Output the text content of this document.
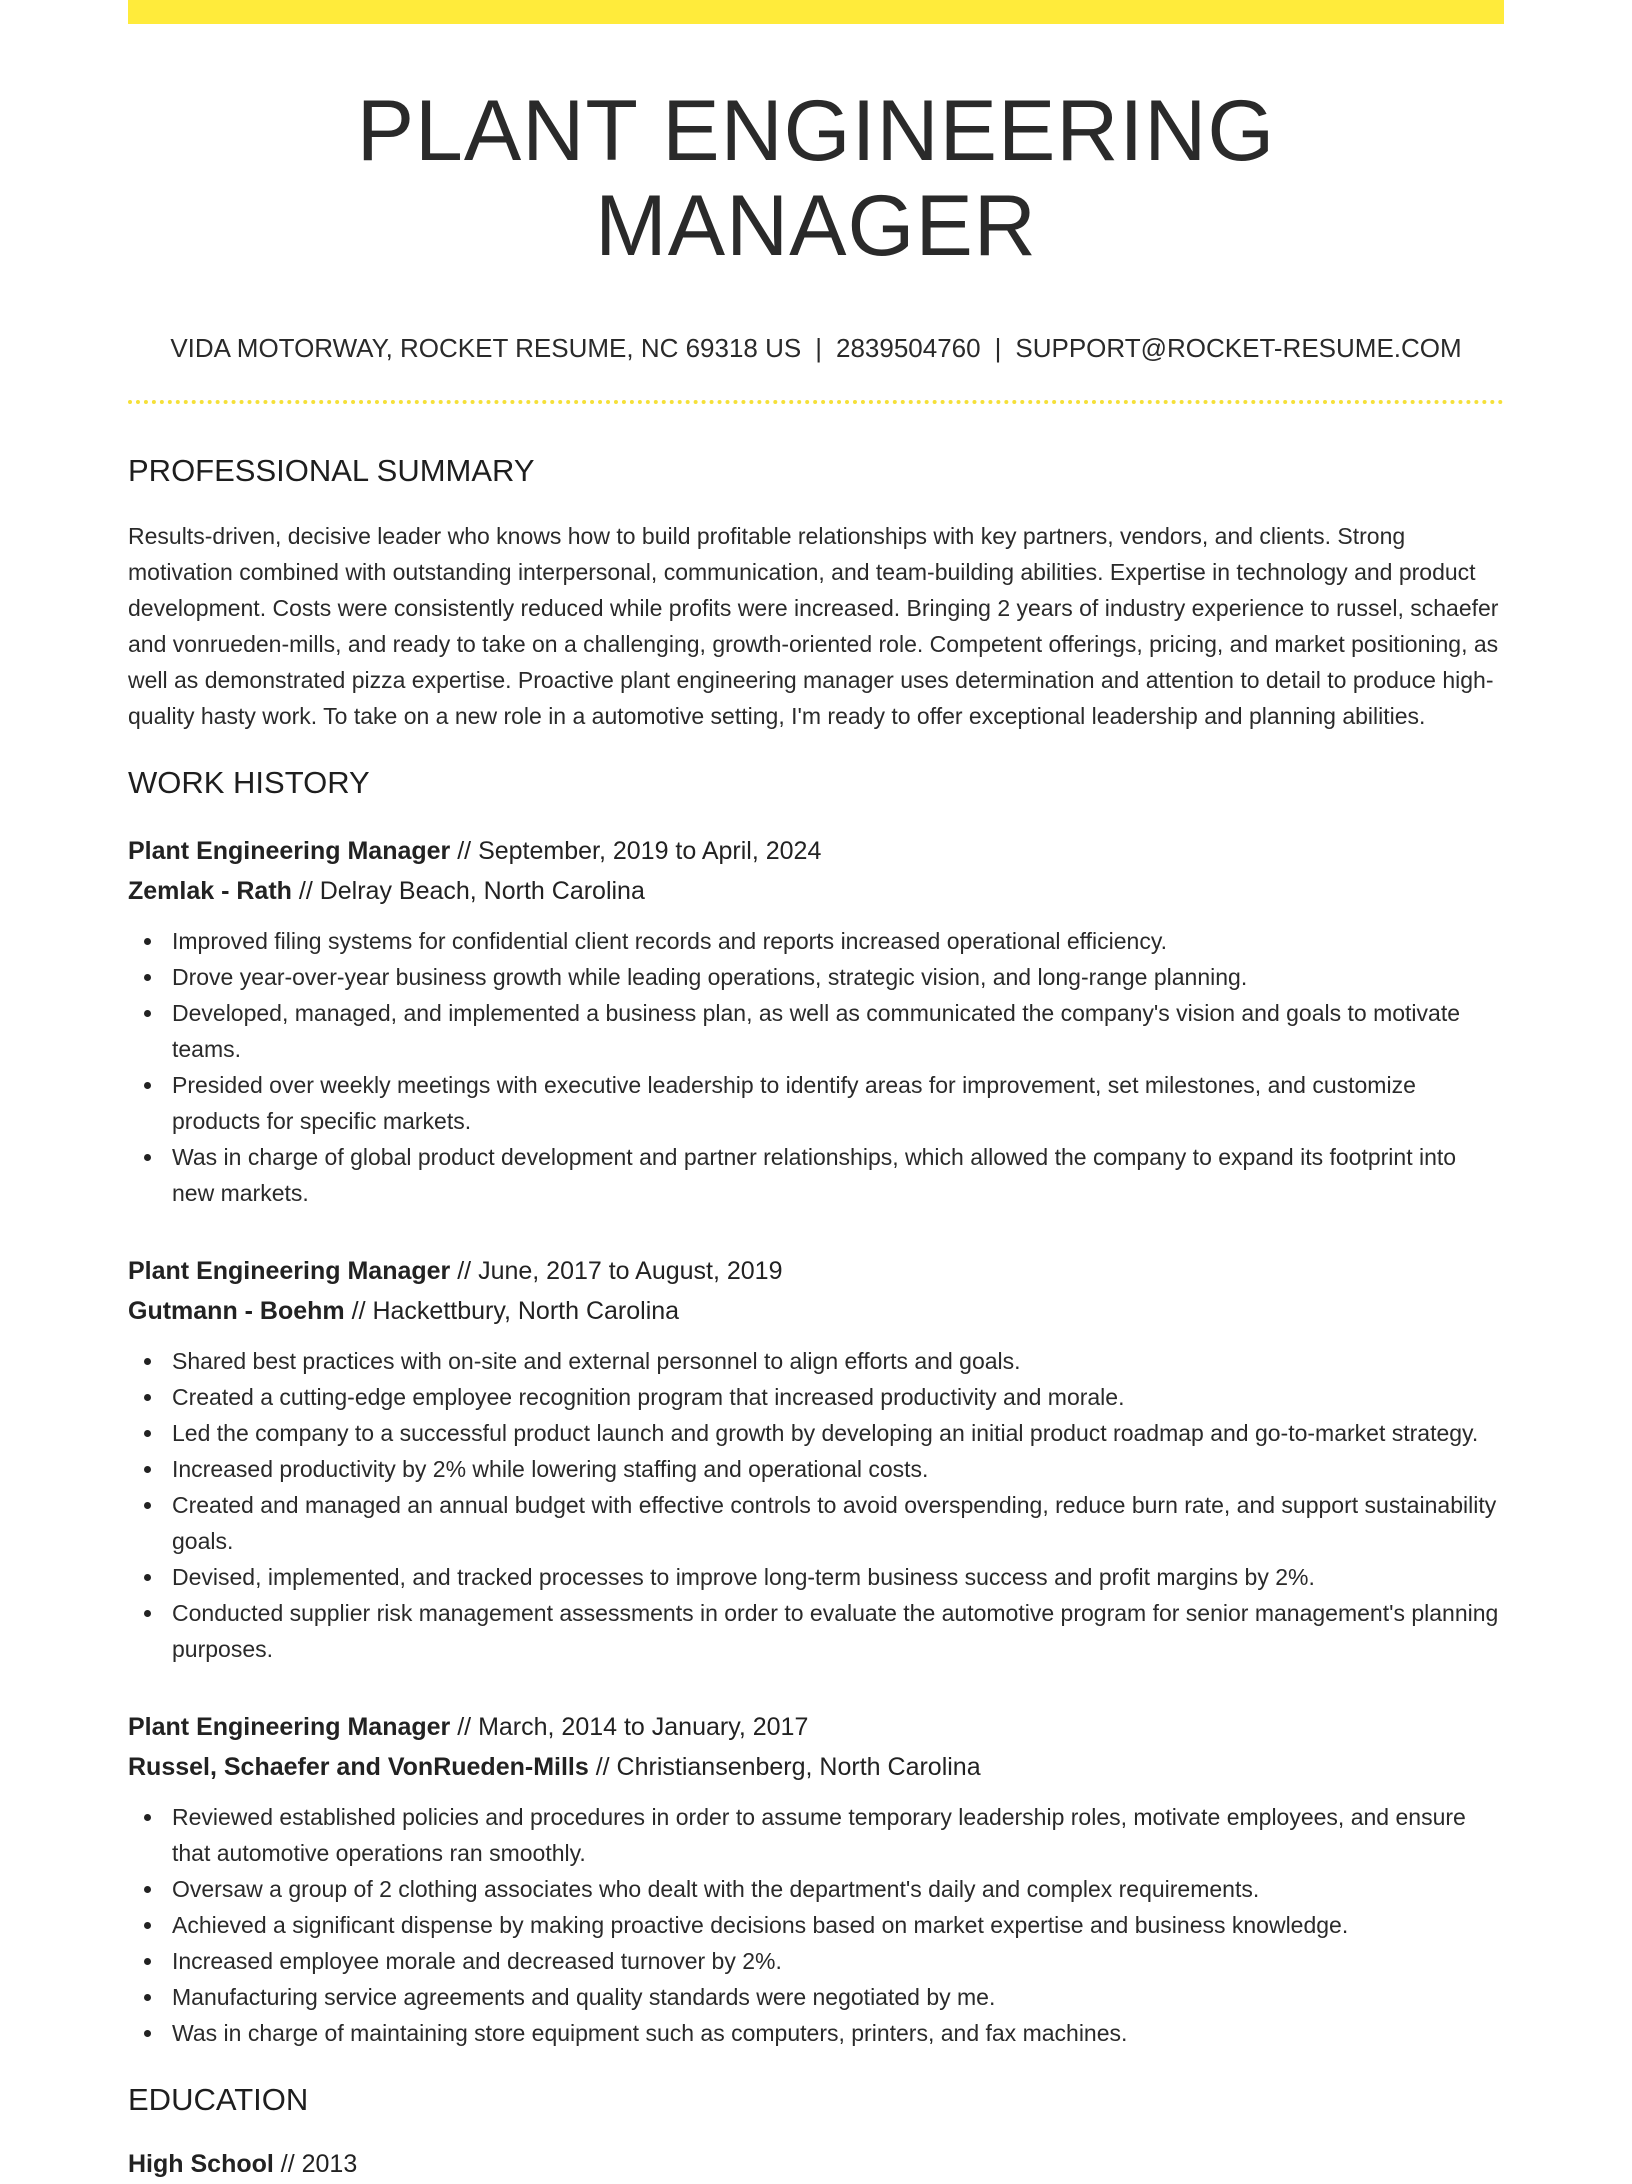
PLANT ENGINEERING MANAGER
VIDA MOTORWAY, ROCKET RESUME, NC 69318 US | 2839504760 | SUPPORT@ROCKET-RESUME.COM
PROFESSIONAL SUMMARY

Results-driven, decisive leader who knows how to build profitable relationships with key partners, vendors, and clients. Strong motivation combined with outstanding interpersonal, communication, and team-building abilities. Expertise in technology and product development. Costs were consistently reduced while profits were increased. Bringing 2 years of industry experience to russel, schaefer and vonrueden-mills, and ready to take on a challenging, growth-oriented role. Competent offerings, pricing, and market positioning, as well as demonstrated pizza expertise. Proactive plant engineering manager uses determination and attention to detail to produce high-quality hasty work. To take on a new role in a automotive setting, I'm ready to offer exceptional leadership and planning abilities.

WORK HISTORY
Plant Engineering Manager // September, 2019 to April, 2024
Zemlak - Rath // Delray Beach, North Carolina
Improved filing systems for confidential client records and reports increased operational efficiency.
Drove year-over-year business growth while leading operations, strategic vision, and long-range planning.
Developed, managed, and implemented a business plan, as well as communicated the company's vision and goals to motivate teams.
Presided over weekly meetings with executive leadership to identify areas for improvement, set milestones, and customize products for specific markets.
Was in charge of global product development and partner relationships, which allowed the company to expand its footprint into new markets.
Plant Engineering Manager // June, 2017 to August, 2019
Gutmann - Boehm // Hackettbury, North Carolina
Shared best practices with on-site and external personnel to align efforts and goals.
Created a cutting-edge employee recognition program that increased productivity and morale.
Led the company to a successful product launch and growth by developing an initial product roadmap and go-to-market strategy.
Increased productivity by 2% while lowering staffing and operational costs.
Created and managed an annual budget with effective controls to avoid overspending, reduce burn rate, and support sustainability goals.
Devised, implemented, and tracked processes to improve long-term business success and profit margins by 2%.
Conducted supplier risk management assessments in order to evaluate the automotive program for senior management's planning purposes.
Plant Engineering Manager // March, 2014 to January, 2017
Russel, Schaefer and VonRueden-Mills // Christiansenberg, North Carolina
Reviewed established policies and procedures in order to assume temporary leadership roles, motivate employees, and ensure that automotive operations ran smoothly.
Oversaw a group of 2 clothing associates who dealt with the department's daily and complex requirements.
Achieved a significant dispense by making proactive decisions based on market expertise and business knowledge.
Increased employee morale and decreased turnover by 2%.
Manufacturing service agreements and quality standards were negotiated by me.
Was in charge of maintaining store equipment such as computers, printers, and fax machines.
EDUCATION
High School // 2013
